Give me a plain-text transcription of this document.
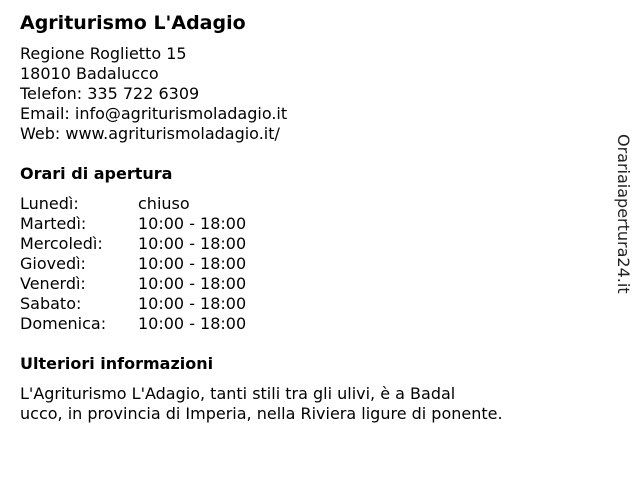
Agriturismo L'Adagio
Regione Roglietto 15
18010 Badalucco
Telefon: 335 722 6309
Email: info@agriturismoladagio.it
Web: www.agriturismoladagio.it/
Orari di apertura
Lunedì:	chiuso
Martedì:	10:00 - 18:00
Mercoledì: 10:00 - 18:00
Giovedì:	10:00 - 18:00
Venerdì:	10:00 - 18:00
Sabato:	10:00 - 18:00
Domenica: 10:00 - 18:00
Ulteriori informazioni
L'Agriturismo L'Adagio, tanti stili tra gli ulivi, è a Badal
ucco, in provincia di Imperia, nella Riviera ligure di ponente.
Orariaiapertura24.it
